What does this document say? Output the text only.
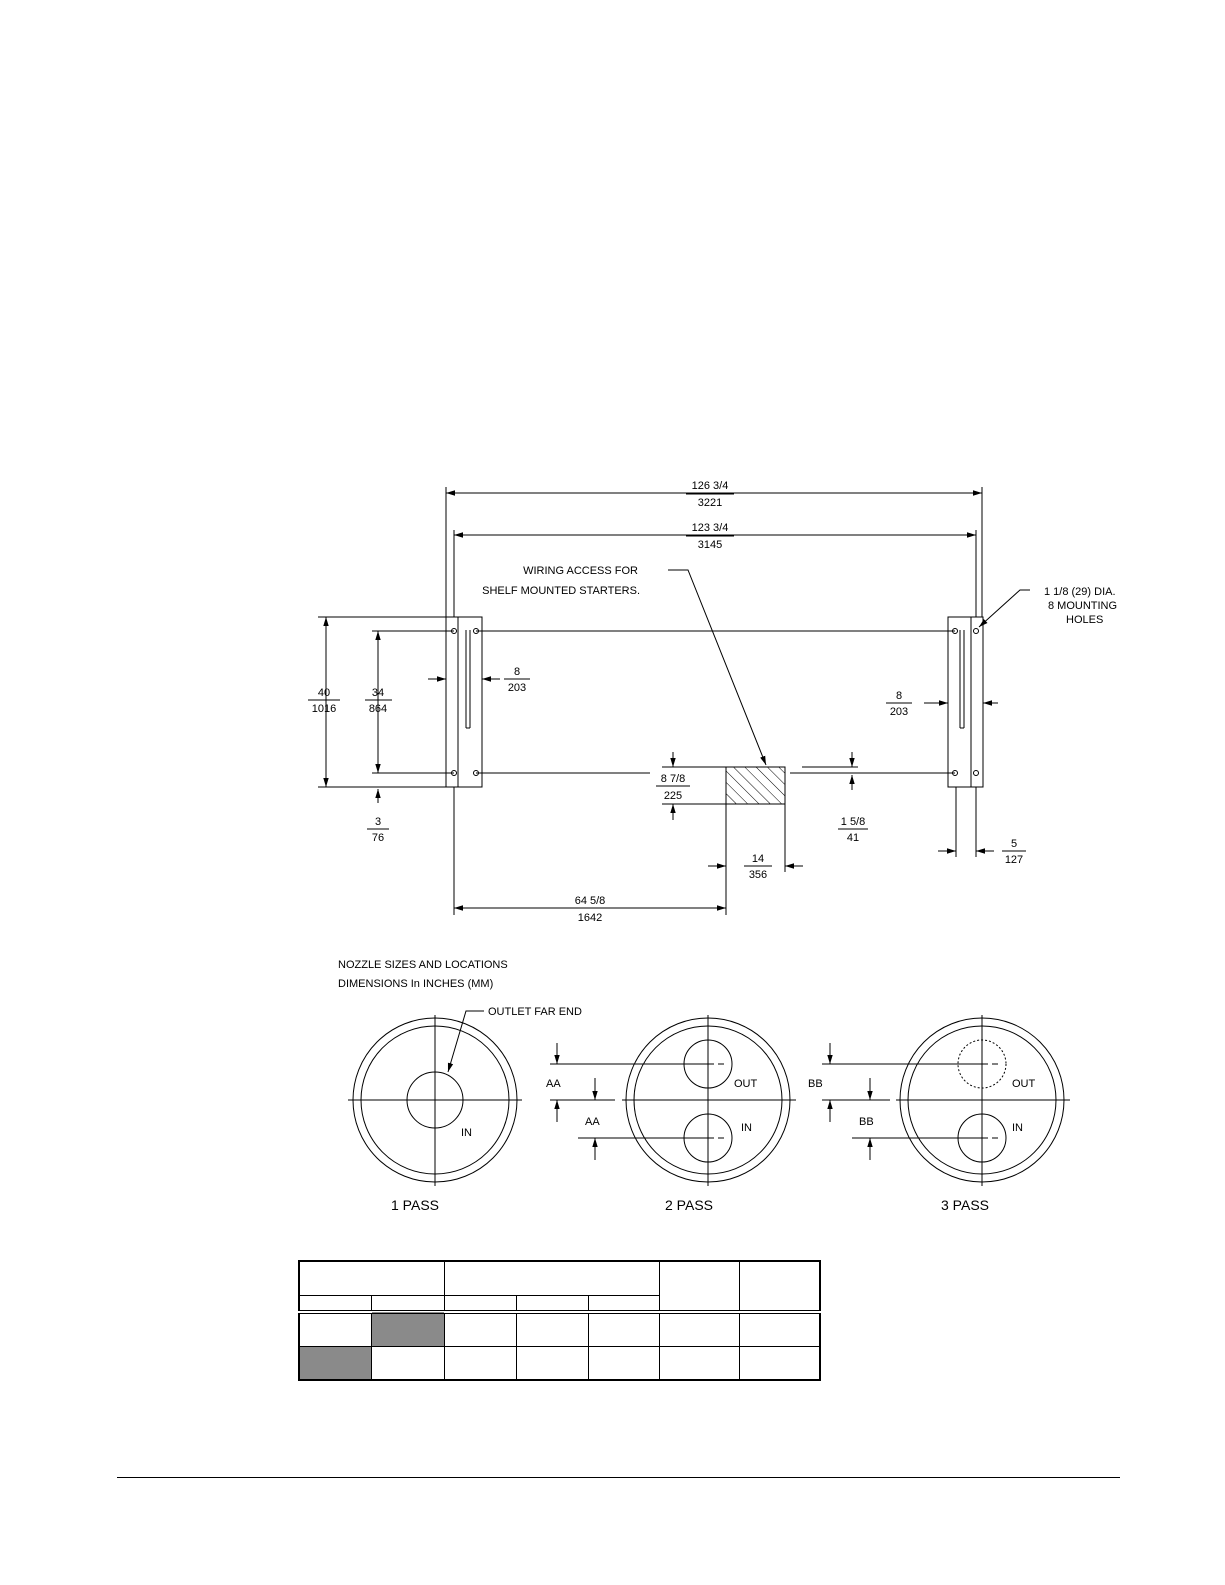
126 3/4
3221
123 3/4
3145
WIRING ACCESS FOR
SHELF MOUNTED STARTERS.	1 1/8 (29) DIA.
8 MOUNTING
HOLES
40
1016
34
864
8
203
8
203
3
76
8 7/8
225
1 5/8
41
14
356
64 5/8
1642
5
127
NOZZLE SIZES AND LOCATIONS
DIMENSIONS In INCHES (MM)
OUTLET FAR END
IN
OUT
IN
AA
AA
OUT
IN
BB
BB
1 PASS	2 PASS	3 PASS
